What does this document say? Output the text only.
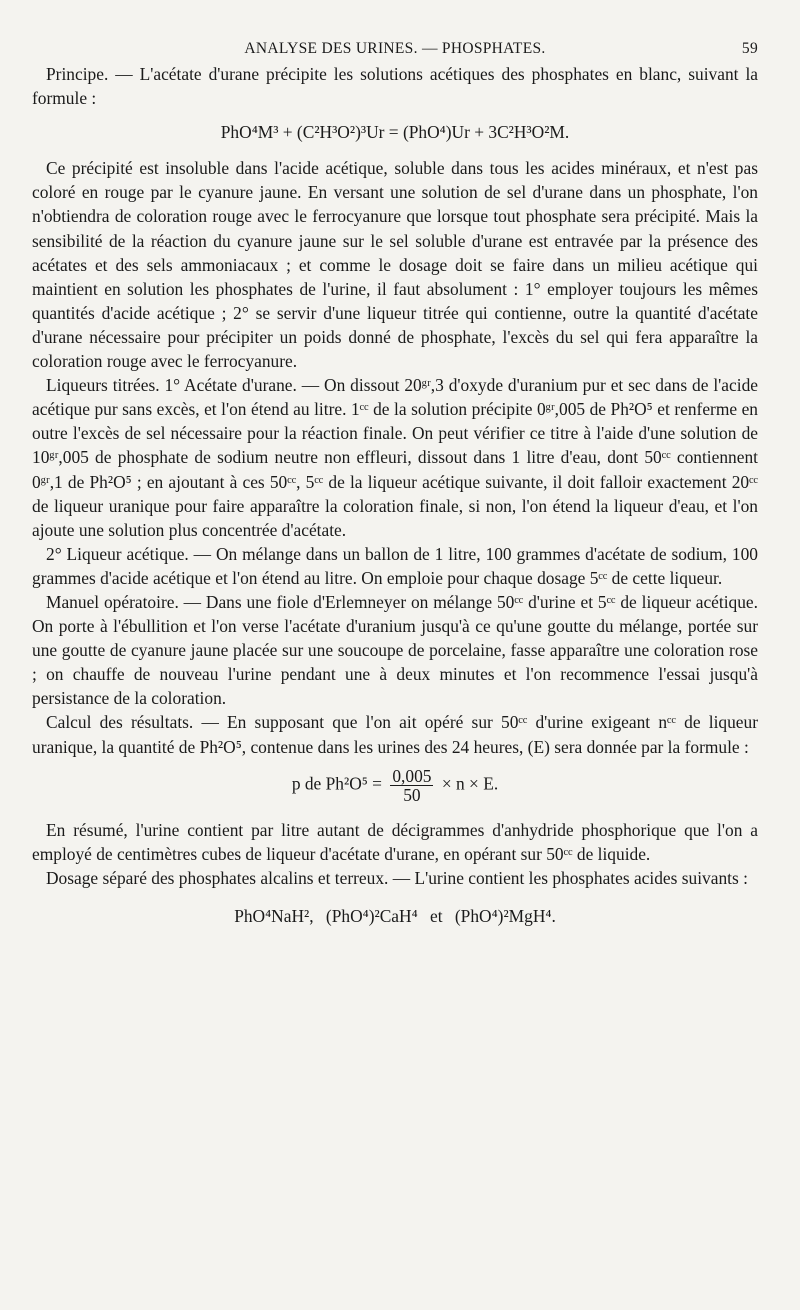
ANALYSE DES URINES. — PHOSPHATES.	59

Principe. — L'acétate d'urane précipite les solutions acétiques des phosphates en blanc, suivant la formule :

PhO⁴M³ + (C²H³O²)³Ur = (PhO⁴)Ur + 3C²H³O²M.

Ce précipité est insoluble dans l'acide acétique, soluble dans tous les acides minéraux, et n'est pas coloré en rouge par le cyanure jaune. En versant une solution de sel d'urane dans un phosphate, l'on n'obtiendra de coloration rouge avec le ferrocyanure que lorsque tout phosphate sera précipité. Mais la sensibilité de la réaction du cyanure jaune sur le sel soluble d'urane est entravée par la présence des acétates et des sels ammoniacaux ; et comme le dosage doit se faire dans un milieu acétique qui maintient en solution les phosphates de l'urine, il faut absolument : 1° employer toujours les mêmes quantités d'acide acétique ; 2° se servir d'une liqueur titrée qui contienne, outre la quantité d'acétate d'urane nécessaire pour précipiter un poids donné de phosphate, l'excès du sel qui fera apparaître la coloration rouge avec le ferrocyanure.

Liqueurs titrées. 1° Acétate d'urane. — On dissout 20ᵍʳ,3 d'oxyde d'uranium pur et sec dans de l'acide acétique pur sans excès, et l'on étend au litre. 1ᶜᶜ de la solution précipite 0ᵍʳ,005 de Ph²O⁵ et renferme en outre l'excès de sel nécessaire pour la réaction finale. On peut vérifier ce titre à l'aide d'une solution de 10ᵍʳ,005 de phosphate de sodium neutre non effleuri, dissout dans 1 litre d'eau, dont 50ᶜᶜ contiennent 0ᵍʳ,1 de Ph²O⁵ ; en ajoutant à ces 50ᶜᶜ, 5ᶜᶜ de la liqueur acétique suivante, il doit falloir exactement 20ᶜᶜ de liqueur uranique pour faire apparaître la coloration finale, si non, l'on étend la liqueur d'eau, et l'on ajoute une solution plus concentrée d'acétate.

2° Liqueur acétique. — On mélange dans un ballon de 1 litre, 100 grammes d'acétate de sodium, 100 grammes d'acide acétique et l'on étend au litre. On emploie pour chaque dosage 5ᶜᶜ de cette liqueur.

Manuel opératoire. — Dans une fiole d'Erlemneyer on mélange 50ᶜᶜ d'urine et 5ᶜᶜ de liqueur acétique. On porte à l'ébullition et l'on verse l'acétate d'uranium jusqu'à ce qu'une goutte du mélange, portée sur une goutte de cyanure jaune placée sur une soucoupe de porcelaine, fasse apparaître une coloration rose ; on chauffe de nouveau l'urine pendant une à deux minutes et l'on recommence l'essai jusqu'à persistance de la coloration.

Calcul des résultats. — En supposant que l'on ait opéré sur 50ᶜᶜ d'urine exigeant nᶜᶜ de liqueur uranique, la quantité de Ph²O⁵, contenue dans les urines des 24 heures, (E) sera donnée par la formule :

p de $Ph^2O^5 = \frac{0,005}{50} \times n \times E$.

En résumé, l'urine contient par litre autant de décigrammes d'anhydride phosphorique que l'on a employé de centimètres cubes de liqueur d'acétate d'urane, en opérant sur 50ᶜᶜ de liquide.

Dosage séparé des phosphates alcalins et terreux. — L'urine contient les phosphates acides suivants :

PhO⁴NaH², (PhO⁴)²CaH⁴ et (PhO⁴)²MgH⁴.
